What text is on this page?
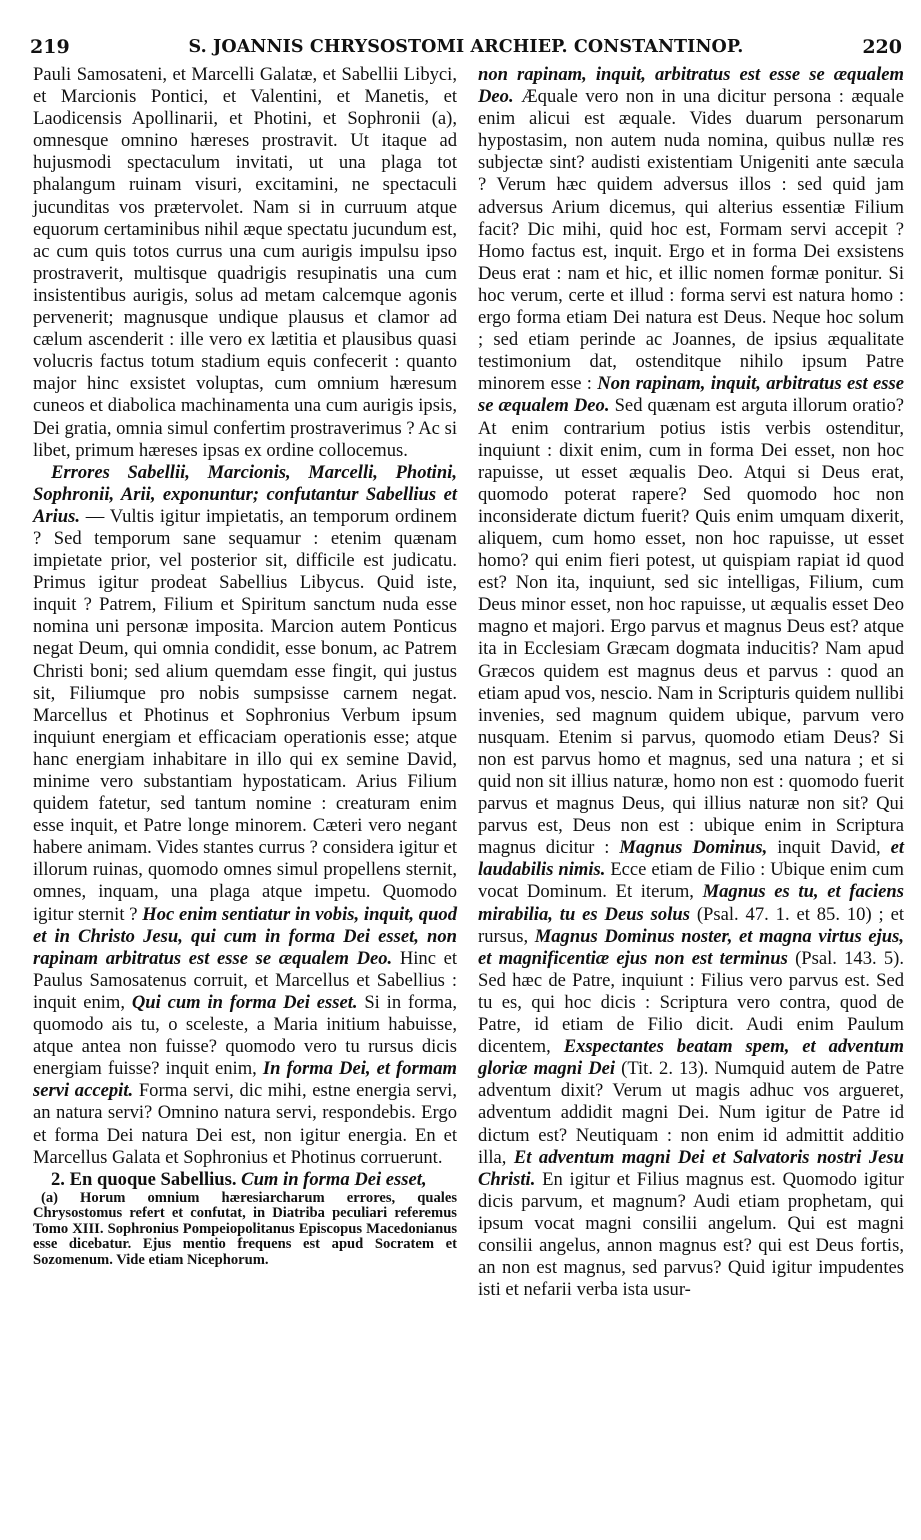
219	S. JOANNIS CHRYSOSTOMI ARCHIEP. CONSTANTINOP.	220

Pauli Samosateni, et Marcelli Galatæ, et Sabellii Libyci, et Marcionis Pontici, et Valentini, et Manetis, et Laodicensis Apollinarii, et Photini, et Sophronii (a), omnesque omnino hæreses prostravit. Ut itaque ad hujusmodi spectaculum invitati, ut una plaga tot phalangum ruinam visuri, excitamini, ne spectaculi jucunditas vos prætervolet. Nam si in curruum atque equorum certaminibus nihil æque spectatu jucundum est, ac cum quis totos currus una cum aurigis impulsu ipso prostraverit, multisque quadrigis resupinatis una cum insistentibus aurigis, solus ad metam calcemque agonis pervenerit; magnusque undique plausus et clamor ad cælum ascenderit : ille vero ex lætitia et plausibus quasi volucris factus totum stadium equis confecerit : quanto major hinc exsistet voluptas, cum omnium hæresum cuneos et diabolica machinamenta una cum aurigis ipsis, Dei gratia, omnia simul confertim prostraverimus ? Ac si libet, primum hæreses ipsas ex ordine collocemus.

Errores Sabellii, Marcionis, Marcelli, Photini, Sophronii, Arii, exponuntur; confutantur Sabellius et Arius. — Vultis igitur impietatis, an temporum ordinem ? Sed temporum sane sequamur : etenim quænam impietate prior, vel posterior sit, difficile est judicatu. Primus igitur prodeat Sabellius Libycus. Quid iste, inquit ? Patrem, Filium et Spiritum sanctum nuda esse nomina uni personæ imposita. Marcion autem Ponticus negat Deum, qui omnia condidit, esse bonum, ac Patrem Christi boni; sed alium quemdam esse fingit, qui justus sit, Filiumque pro nobis sumpsisse carnem negat. Marcellus et Photinus et Sophronius Verbum ipsum inquiunt energiam et efficaciam operationis esse; atque hanc energiam inhabitare in illo qui ex semine David, minime vero substantiam hypostaticam. Arius Filium quidem fatetur, sed tantum nomine : creaturam enim esse inquit, et Patre longe minorem. Cæteri vero negant habere animam. Vides stantes currus ? considera igitur et illorum ruinas, quomodo omnes simul propellens sternit, omnes, inquam, una plaga atque impetu. Quomodo igitur sternit ? Hoc enim sentiatur in vobis, inquit, quod et in Christo Jesu, qui cum in forma Dei esset, non rapinam arbitratus est esse se æqualem Deo. Hinc et Paulus Samosatenus corruit, et Marcellus et Sabellius : inquit enim, Qui cum in forma Dei esset. Si in forma, quomodo ais tu, o scelestе, a Maria initium habuisse, atque antea non fuisse? quomodo vero tu rursus dicis energiam fuisse? inquit enim, In forma Dei, et formam servi accepit. Forma servi, dic mihi, estne energia servi, an natura servi? Omnino natura servi, respondebis. Ergo et forma Dei natura Dei est, non igitur energia. En et Marcellus Galata et Sophronius et Photinus corruerunt.

2. En quoque Sabellius. Cum in forma Dei esset,

(a) Horum omnium hæresiarcharum errores, quales Chrysostomus refert et confutat, in Diatriba peculiari referemus Tomo XIII. Sophronius Pompeiopolitanus Episcopus Macedonianus esse dicebatur. Ejus mentio frequens est apud Socratem et Sozomenum. Vide etiam Nicephorum.

non rapinam, inquit, arbitratus est esse se æqualem Deo. Æquale vero non in una dicitur persona : æquale enim alicui est æquale. Vides duarum personarum hypostasim, non autem nuda nomina, quibus nullæ res subjectæ sint? audisti existentiam Unigeniti ante sæcula ? Verum hæc quidem adversus illos : sed quid jam adversus Arium dicemus, qui alterius essentiæ Filium facit? Dic mihi, quid hoc est, Formam servi accepit ? Homo factus est, inquit. Ergo et in forma Dei exsistens Deus erat : nam et hic, et illic nomen formæ ponitur. Si hoc verum, certe et illud : forma servi est natura homo : ergo forma etiam Dei natura est Deus. Neque hoc solum ; sed etiam perinde ac Joannes, de ipsius æqualitate testimonium dat, ostenditque nihilo ipsum Patre minorem esse : Non rapinam, inquit, arbitratus est esse se æqualem Deo. Sed quænam est arguta illorum oratio? At enim contrarium potius istis verbis ostenditur, inquiunt : dixit enim, cum in forma Dei esset, non hoc rapuisse, ut esset æqualis Deo. Atqui si Deus erat, quomodo poterat rapere? Sed quomodo hoc non inconsiderate dictum fuerit? Quis enim umquam dixerit, aliquem, cum homo esset, non hoc rapuisse, ut esset homo? qui enim fieri potest, ut quispiam rapiat id quod est? Non ita, inquiunt, sed sic intelligas, Filium, cum Deus minor esset, non hoc rapuisse, ut æqualis esset Deo magno et majori. Ergo parvus et magnus Deus est? atque ita in Ecclesiam Græcam dogmata inducitis? Nam apud Græcos quidem est magnus deus et parvus : quod an etiam apud vos, nescio. Nam in Scripturis quidem nullibi invenies, sed magnum quidem ubique, parvum vero nusquam. Etenim si parvus, quomodo etiam Deus? Si non est parvus homo et magnus, sed una natura ; et si quid non sit illius naturæ, homo non est : quomodo fuerit parvus et magnus Deus, qui illius naturæ non sit? Qui parvus est, Deus non est : ubique enim in Scriptura magnus dicitur : Magnus Dominus, inquit David, et laudabilis nimis. Ecce etiam de Filio : Ubique enim cum vocat Dominum. Et iterum, Magnus es tu, et faciens mirabilia, tu es Deus solus (Psal. 47. 1. et 85. 10) ; et rursus, Magnus Dominus noster, et magna virtus ejus, et magnificentiæ ejus non est terminus (Psal. 143. 5). Sed hæc de Patre, inquiunt : Filius vero parvus est. Sed tu es, qui hoc dicis : Scriptura vero contra, quod de Patre, id etiam de Filio dicit. Audi enim Paulum dicentem, Exspectantes beatam spem, et adventum gloriæ magni Dei (Tit. 2. 13). Numquid autem de Patre adventum dixit? Verum ut magis adhuc vos argueret, adventum addidit magni Dei. Num igitur de Patre id dictum est? Neutiquam : non enim id admittit additio illa, Et adventum magni Dei et Salvatoris nostri Jesu Christi. En igitur et Filius magnus est. Quomodo igitur dicis parvum, et magnum? Audi etiam prophetam, qui ipsum vocat magni consilii angelum. Qui est magni consilii angelus, annon magnus est? qui est Deus fortis, an non est magnus, sed parvus? Quid igitur impudentes isti et nefarii verba ista usur-
